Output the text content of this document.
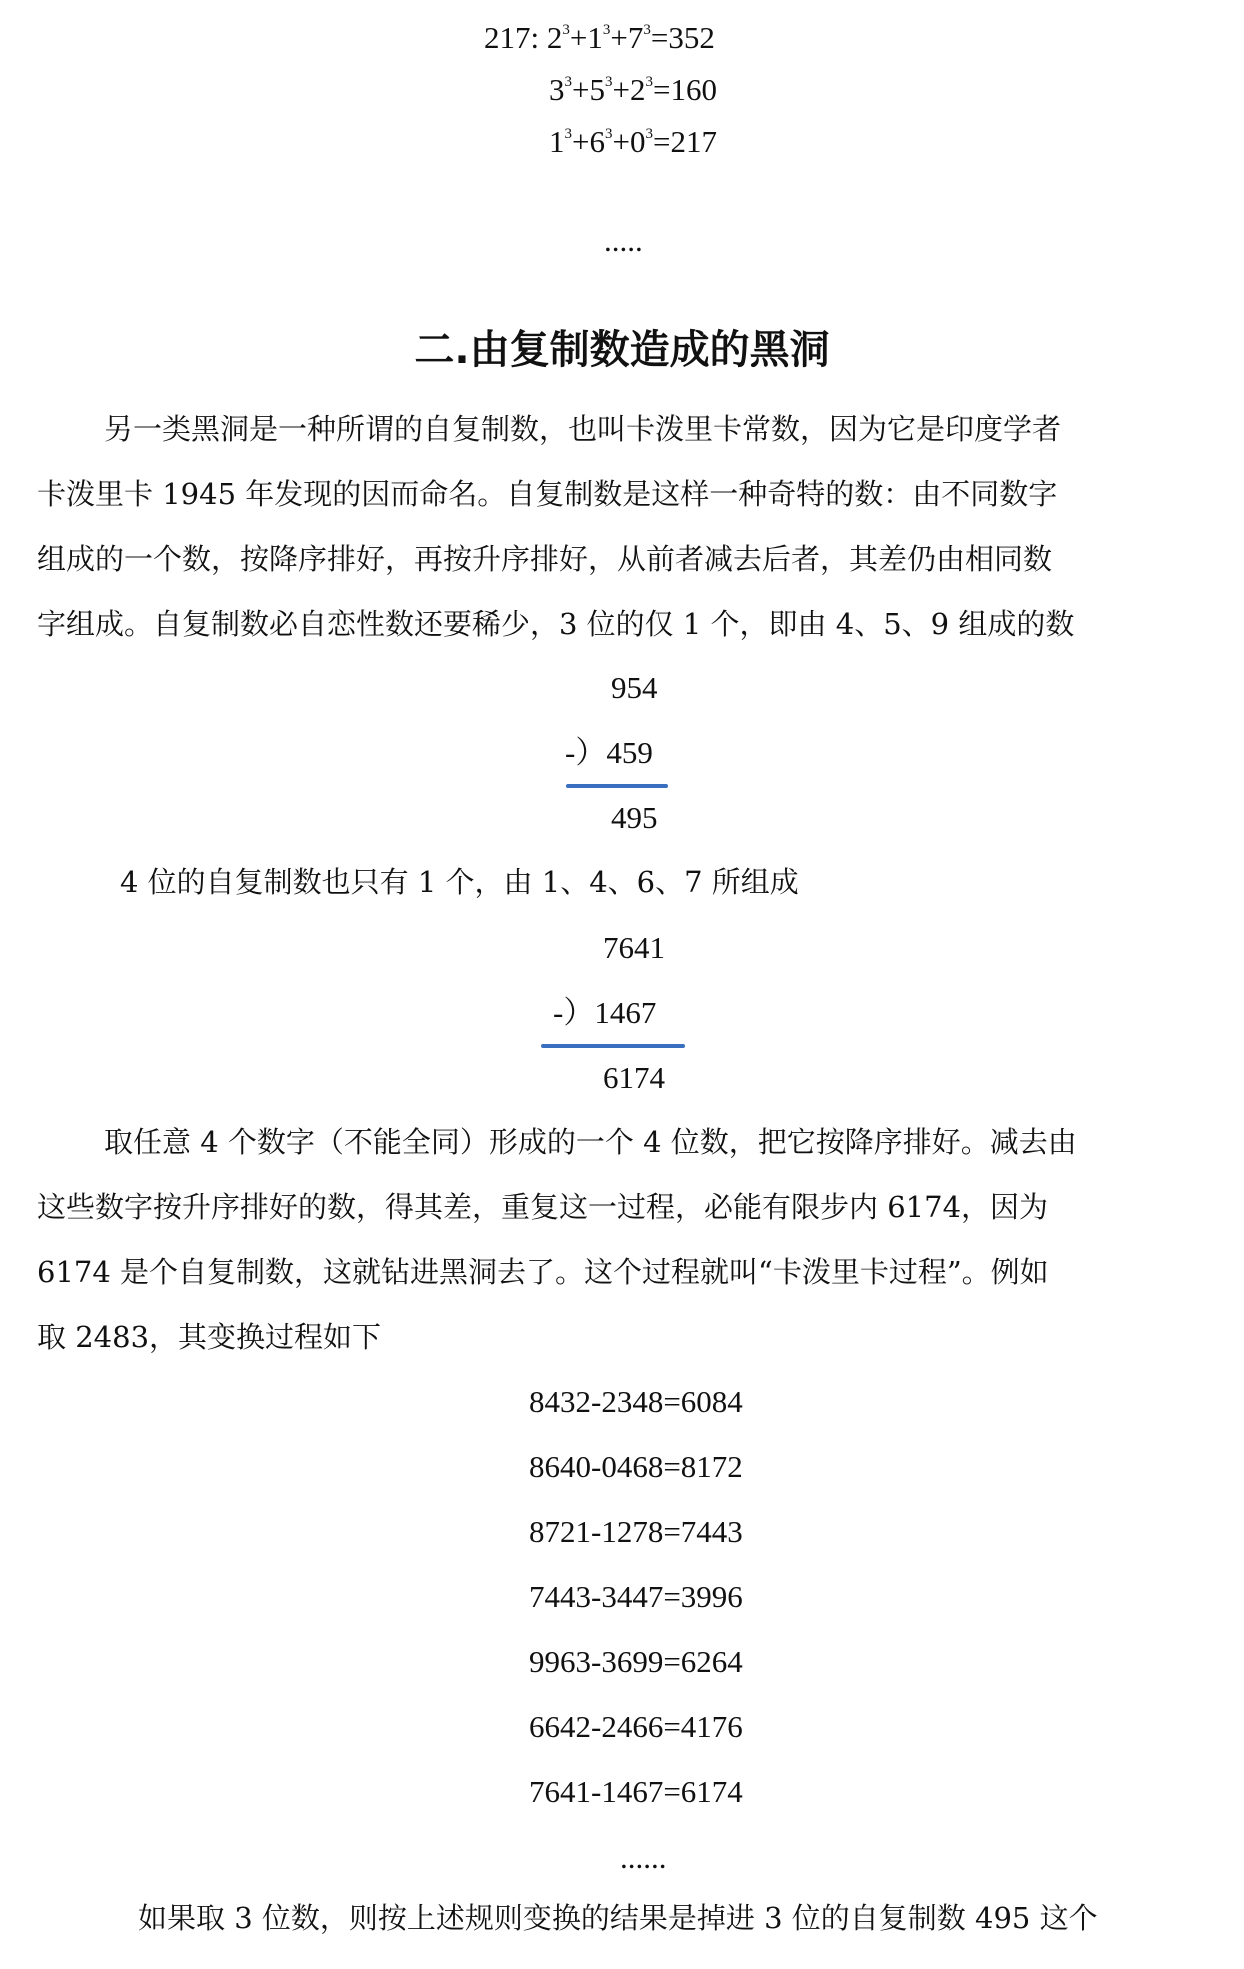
217: $2^3+1^3+7^3=352$
$3^3+5^3+2^3=160$
$1^3+6^3+0^3=217$
.....
二.由复制数造成的黑洞
另一类黑洞是一种所谓的自复制数，也叫卡泼里卡常数，因为它是印度学者
卡泼里卡 1945 年发现的因而命名。自复制数是这样一种奇特的数：由不同数字
组成的一个数，按降序排好，再按升序排好，从前者减去后者，其差仍由相同数
字组成。自复制数必自恋性数还要稀少，3 位的仅 1 个，即由 4、5、9 组成的数
954
-）459
495
4 位的自复制数也只有 1 个，由 1、4、6、7 所组成
7641
-）1467
6174
取任意 4 个数字（不能全同）形成的一个 4 位数，把它按降序排好。减去由
这些数字按升序排好的数，得其差，重复这一过程，必能有限步内 6174，因为
6174 是个自复制数，这就钻进黑洞去了。这个过程就叫“卡泼里卡过程”。例如
取 2483，其变换过程如下
8432-2348=6084
8640-0468=8172
8721-1278=7443
7443-3447=3996
9963-3699=6264
6642-2466=4176
7641-1467=6174
......
如果取 3 位数，则按上述规则变换的结果是掉进 3 位的自复制数 495 这个
